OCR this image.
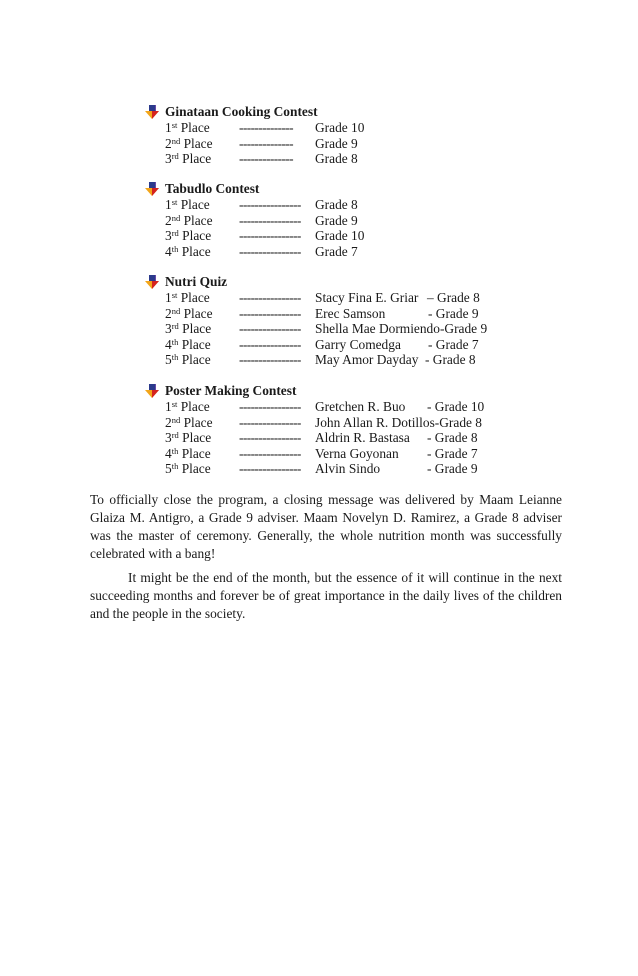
Ginataan Cooking Contest
1st Place -------------- Grade 10
2nd Place -------------- Grade 9
3rd Place -------------- Grade 8
Tabudlo Contest
1st Place ---------------- Grade 8
2nd Place ---------------- Grade 9
3rd Place ---------------- Grade 10
4th Place ---------------- Grade 7
Nutri Quiz
1st Place ---------------- Stacy Fina E. Griar – Grade 8
2nd Place ---------------- Erec Samson	- Grade 9
3rd Place ---------------- Shella Mae Dormiendo-Grade 9
4th Place ---------------- Garry Comedga - Grade 7
5th Place ---------------- May Amor Dayday - Grade 8
Poster Making Contest
1st Place ---------------- Gretchen R. Buo - Grade 10
2nd Place ---------------- John Allan R. Dotillos-Grade 8
3rd Place ---------------- Aldrin R. Bastasa - Grade 8
4th Place ---------------- Verna Goyonan - Grade 7
5th Place ---------------- Alvin Sindo	- Grade 9

To officially close the program, a closing message was delivered by Maam Leianne Glaiza M. Antigro, a Grade 9 adviser. Maam Novelyn D. Ramirez, a Grade 8 adviser was the master of ceremony. Generally, the whole nutrition month was successfully celebrated with a bang!

It might be the end of the month, but the essence of it will continue in the next succeeding months and forever be of great importance in the daily lives of the children and the people in the society.
